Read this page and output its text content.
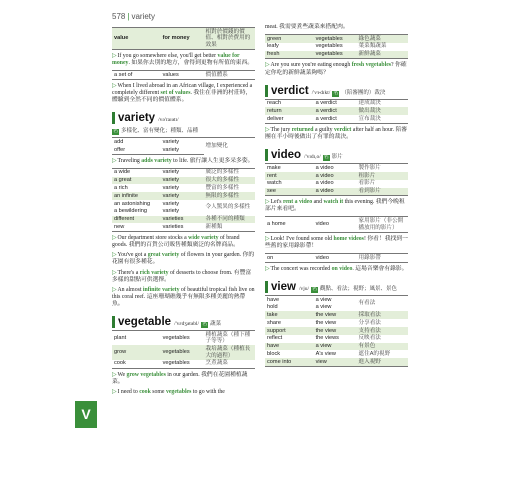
V
578 | variety
value	for money	相對於價錢的價值、相對於費用的效果

▷If you go somewhere else, you'll get better value for money. 如果你去別的地方，會得到更物有所值的東西。

a set of	values	價值體系

▷When I lived abroad in an African village, I experienced a completely different set of values. 我住在非洲的村莊時，體驗到全然不同的價值體系。

variety /və'raɪətɪ/

名 多樣化、富有變化；種類、品種

add	variety	增加變化
offer	variety	

▷Traveling adds variety to life. 旅行讓人生更多采多姿。

a wide	variety	廣泛的多樣性
a great	variety	很大的多樣性
a rich	variety	豐富的多樣性
an infinite	variety	無限的多樣性
an astonishing	variety	令人驚異的多樣性
a bewildering	variety	
different	varieties	各種不同的種類
new	varieties	新種類

▷Our department store stocks a wide variety of brand goods. 我們的百貨公司販售種類廣泛的名牌商品。

▷You've got a great variety of flowers in your garden. 你的花園有很多種花。

▷There's a rich variety of desserts to choose from. 有豐富多樣的甜點可供選擇。

▷An almost infinite variety of beautiful tropical fish live on this coral reef. 這座珊瑚礁幾乎有無限多種美麗的熱帶魚。

vegetable /'vɛdʒətəbl/ 名 蔬菜
plant	vegetables	種植蔬菜（種下種子等等）
grow	vegetables	栽培蔬菜（種植長大的過程）
cook	vegetables	烹煮蔬菜

▷We grow vegetables in our garden. 我們在花園種植蔬菜。

▷I need to cook some vegetables to go with the

meat. 我需要煮些蔬菜來搭配肉。

green	vegetables	綠色蔬菜
leafy	vegetables	葉菜類蔬菜
fresh	vegetables	新鮮蔬菜

▷Are you sure you're eating enough fresh vegetables? 你確定你吃的新鮮蔬菜夠嗎？

verdict /'vɝdɪkt/ 名 （陪審團的）裁決
reach	a verdict	達成裁決
return	a verdict	做出裁決
deliver	a verdict	宣布裁決

▷The jury returned a guilty verdict after half an hour. 陪審團在半小時後做出了有罪的裁決。

video /'vɪdɪ,o/ 名 影片
make	a video	製作影片
rent	a video	租影片
watch	a video	看影片
see	a video	看到影片

▷Let's rent a video and watch it this evening. 我們今晚租部片來看吧。

a home	video	家用影片（非公開播放用的影片）

▷Look! I've found some old home videos! 你看！我找到一些舊的家用錄影帶！

on	video	用錄影帶

▷The concert was recorded on video. 這場音樂會有錄影。

view /vju/ 名 觀點、看法；視野；風景、景色
have	a view	有看法
hold	a view	
take	the view	採取看法
share	the view	分享看法
support	the view	支持看法
reflect	the views	反映看法
have	a view	有景色
block	A's view	遮住A的視野
come into	view	進入視野
